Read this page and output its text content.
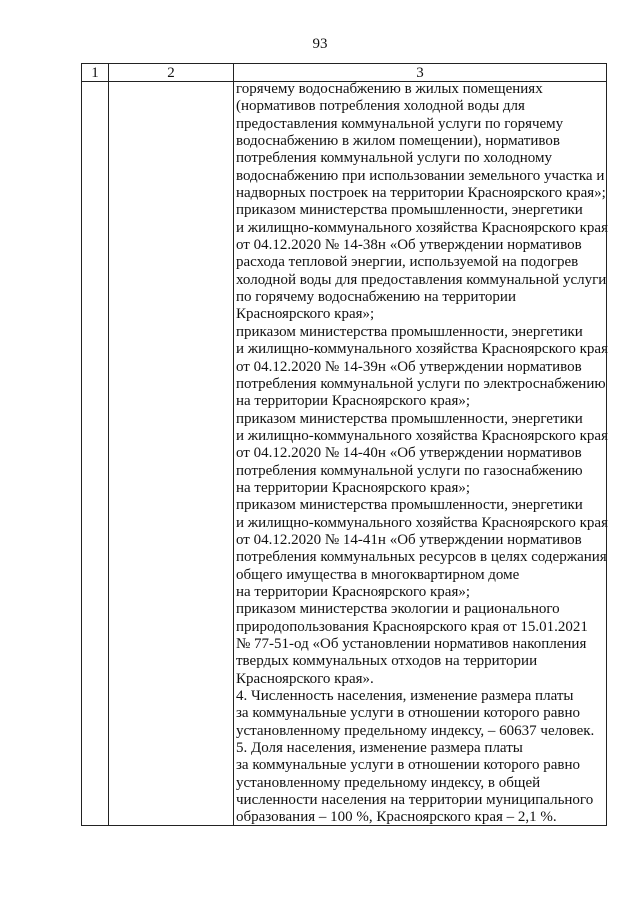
93
1	2	3
горячему водоснабжению в жилых помещениях
(нормативов потребления холодной воды для
предоставления коммунальной услуги по горячему
водоснабжению в жилом помещении), нормативов
потребления коммунальной услуги по холодному
водоснабжению при использовании земельного участка и
надворных построек на территории Красноярского края»;
приказом министерства промышленности, энергетики
и жилищно-коммунального хозяйства Красноярского края
от 04.12.2020 № 14-38н «Об утверждении нормативов
расхода тепловой энергии, используемой на подогрев
холодной воды для предоставления коммунальной услуги
по горячему водоснабжению на территории
Красноярского края»;
приказом министерства промышленности, энергетики
и жилищно-коммунального хозяйства Красноярского края
от 04.12.2020 № 14-39н «Об утверждении нормативов
потребления коммунальной услуги по электроснабжению
на территории Красноярского края»;
приказом министерства промышленности, энергетики
и жилищно-коммунального хозяйства Красноярского края
от 04.12.2020 № 14-40н «Об утверждении нормативов
потребления коммунальной услуги по газоснабжению
на территории Красноярского края»;
приказом министерства промышленности, энергетики
и жилищно-коммунального хозяйства Красноярского края
от 04.12.2020 № 14-41н «Об утверждении нормативов
потребления коммунальных ресурсов в целях содержания
общего имущества в многоквартирном доме
на территории Красноярского края»;
приказом министерства экологии и рационального
природопользования Красноярского края от 15.01.2021
№ 77-51-од «Об установлении нормативов накопления
твердых коммунальных отходов на территории
Красноярского края».
4. Численность населения, изменение размера платы
за коммунальные услуги в отношении которого равно
установленному предельному индексу, – 60637 человек.
5. Доля населения, изменение размера платы
за коммунальные услуги в отношении которого равно
установленному предельному индексу, в общей
численности населения на территории муниципального
образования – 100 %, Красноярского края – 2,1 %.
